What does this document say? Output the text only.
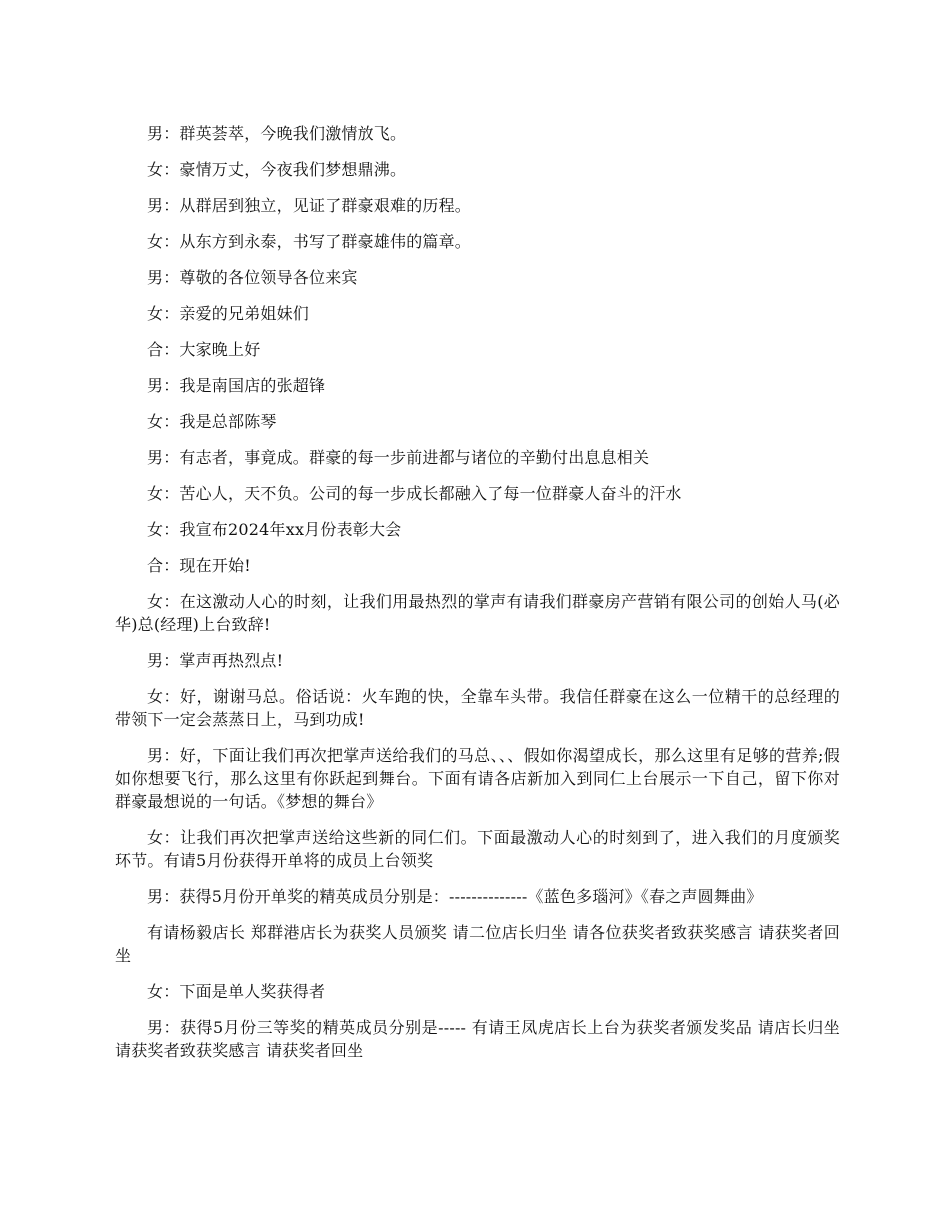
男：群英荟萃，今晚我们激情放飞。

女：豪情万丈，今夜我们梦想鼎沸。

男：从群居到独立，见证了群豪艰难的历程。

女：从东方到永泰，书写了群豪雄伟的篇章。

男：尊敬的各位领导各位来宾

女：亲爱的兄弟姐妹们

合：大家晚上好

男：我是南国店的张超锋

女：我是总部陈琴

男：有志者，事竟成。群豪的每一步前进都与诸位的辛勤付出息息相关

女：苦心人，天不负。公司的每一步成长都融入了每一位群豪人奋斗的汗水

女：我宣布2024年xx月份表彰大会

合：现在开始!

女：在这激动人心的时刻，让我们用最热烈的掌声有请我们群豪房产营销有限公司的创始人马(必华)总(经理)上台致辞!

男：掌声再热烈点!

女：好，谢谢马总。俗话说：火车跑的快，全靠车头带。我信任群豪在这么一位精干的总经理的带领下一定会蒸蒸日上，马到功成!

男：好，下面让我们再次把掌声送给我们的马总、、、假如你渴望成长，那么这里有足够的营养;假如你想要飞行，那么这里有你跃起到舞台。下面有请各店新加入到同仁上台展示一下自己，留下你对群豪最想说的一句话。《梦想的舞台》

女：让我们再次把掌声送给这些新的同仁们。下面最激动人心的时刻到了，进入我们的月度颁奖环节。有请5月份获得开单将的成员上台领奖

男：获得5月份开单奖的精英成员分别是：--------------《蓝色多瑙河》《春之声圆舞曲》

有请杨毅店长 郑群港店长为获奖人员颁奖 请二位店长归坐 请各位获奖者致获奖感言 请获奖者回坐

女：下面是单人奖获得者

男：获得5月份三等奖的精英成员分别是----- 有请王凤虎店长上台为获奖者颁发奖品 请店长归坐 请获奖者致获奖感言 请获奖者回坐
